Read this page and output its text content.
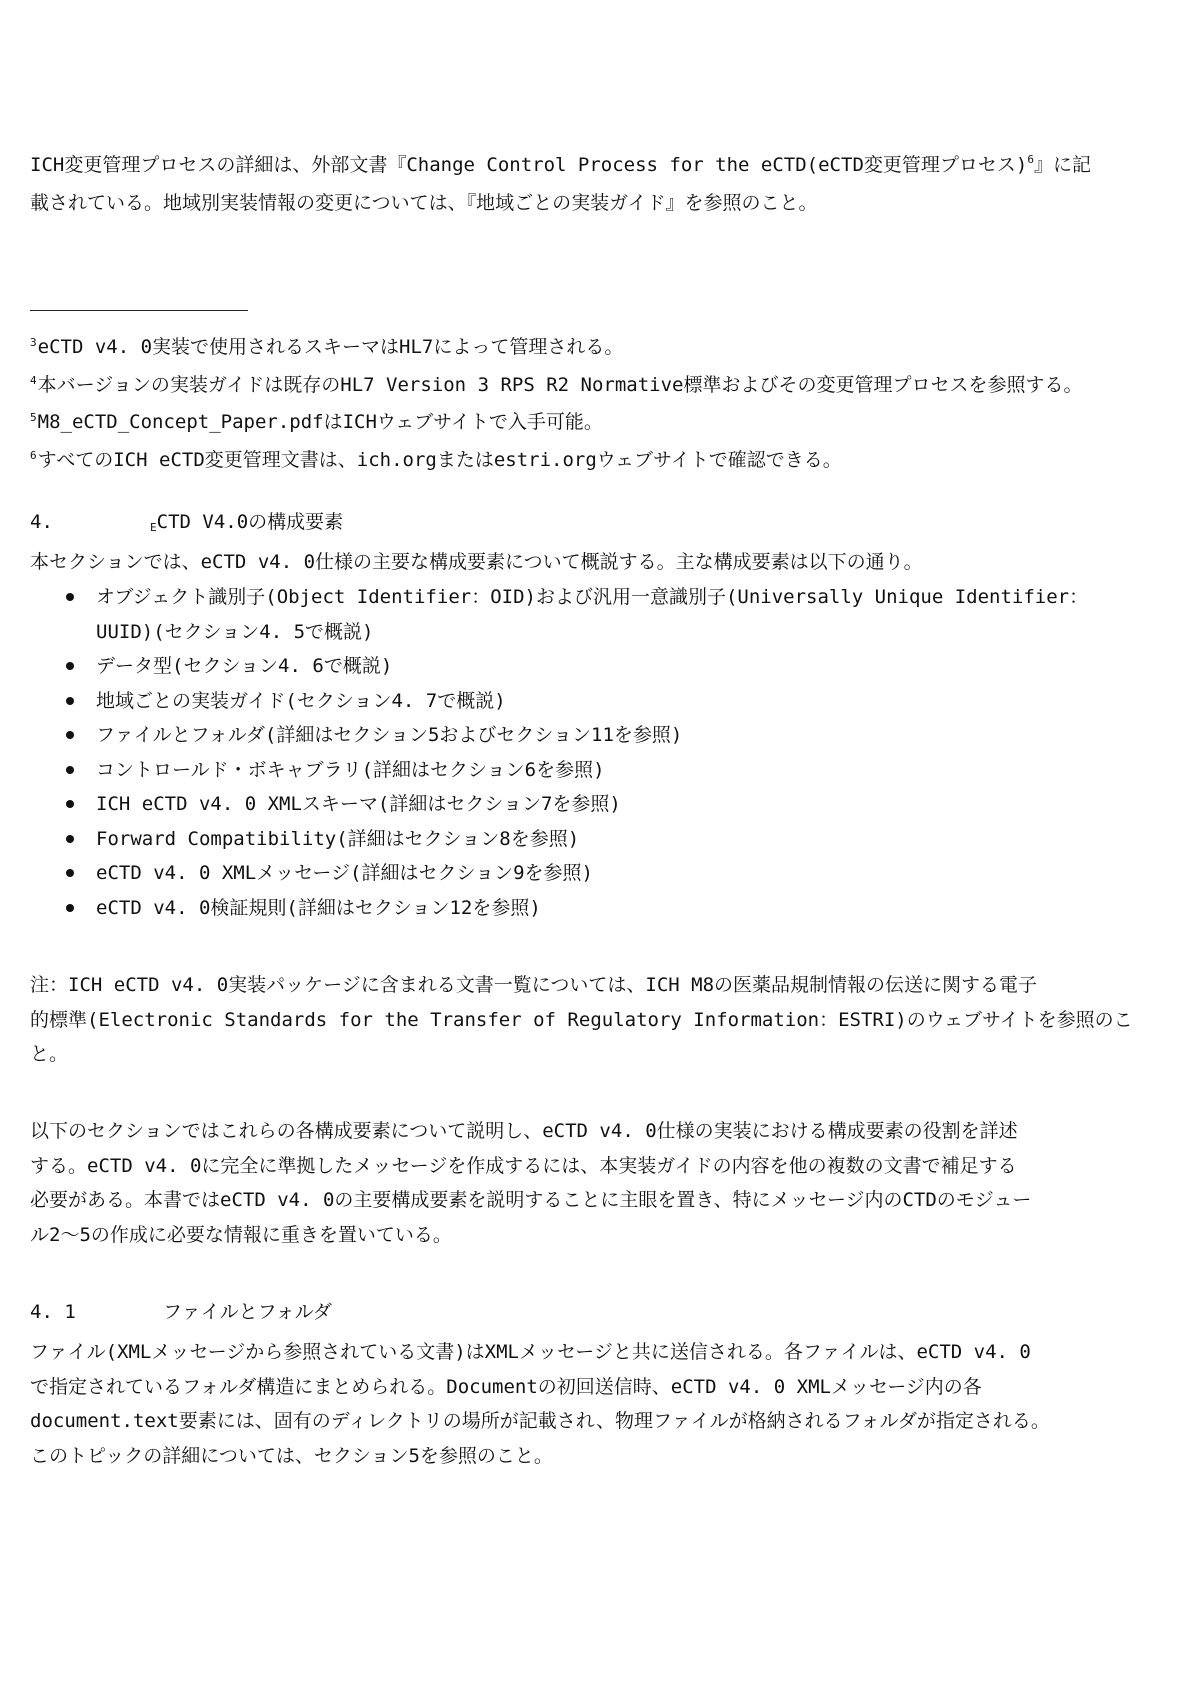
ICH変更管理プロセスの詳細は、外部文書『Change Control Process for the eCTD(eCTD変更管理プロセス)$^6$』に記
載されている。地域別実装情報の変更については、『地域ごとの実装ガイド』を参照のこと。
$^3$eCTD v4. 0実装で使用されるスキーマはHL7によって管理される。
$^4$本バージョンの実装ガイドは既存のHL7 Version 3 RPS R2 Normative標準およびその変更管理プロセスを参照する。
$^5$M8_eCTD_Concept_Paper.pdfはICHウェブサイトで入手可能。
$^6$すべてのICH eCTD変更管理文書は、ich.orgまたはestri.orgウェブサイトで確認できる。
4.	ECTD V4.0の構成要素
本セクションでは、eCTD v4. 0仕様の主要な構成要素について概説する。主な構成要素は以下の通り。
オブジェクト識別子(Object Identifier：OID)および汎用一意識別子(Universally Unique Identifier：
UUID)(セクション4. 5で概説)
データ型(セクション4. 6で概説)
地域ごとの実装ガイド(セクション4. 7で概説)
ファイルとフォルダ(詳細はセクション5およびセクション11を参照)
コントロールド・ボキャブラリ(詳細はセクション6を参照)
ICH eCTD v4. 0 XMLスキーマ(詳細はセクション7を参照)
Forward Compatibility(詳細はセクション8を参照)
eCTD v4. 0 XMLメッセージ(詳細はセクション9を参照)
eCTD v4. 0検証規則(詳細はセクション12を参照)
注：ICH eCTD v4. 0実装パッケージに含まれる文書一覧については、ICH M8の医薬品規制情報の伝送に関する電子
的標準(Electronic Standards for the Transfer of Regulatory Information：ESTRI)のウェブサイトを参照のこ
と。
以下のセクションではこれらの各構成要素について説明し、eCTD v4. 0仕様の実装における構成要素の役割を詳述
する。eCTD v4. 0に完全に準拠したメッセージを作成するには、本実装ガイドの内容を他の複数の文書で補足する
必要がある。本書ではeCTD v4. 0の主要構成要素を説明することに主眼を置き、特にメッセージ内のCTDのモジュー
ル2～5の作成に必要な情報に重きを置いている。
4. 1	ファイルとフォルダ
ファイル(XMLメッセージから参照されている文書)はXMLメッセージと共に送信される。各ファイルは、eCTD v4. 0
で指定されているフォルダ構造にまとめられる。Documentの初回送信時、eCTD v4. 0 XMLメッセージ内の各
document.text要素には、固有のディレクトリの場所が記載され、物理ファイルが格納されるフォルダが指定される。
このトピックの詳細については、セクション5を参照のこと。
